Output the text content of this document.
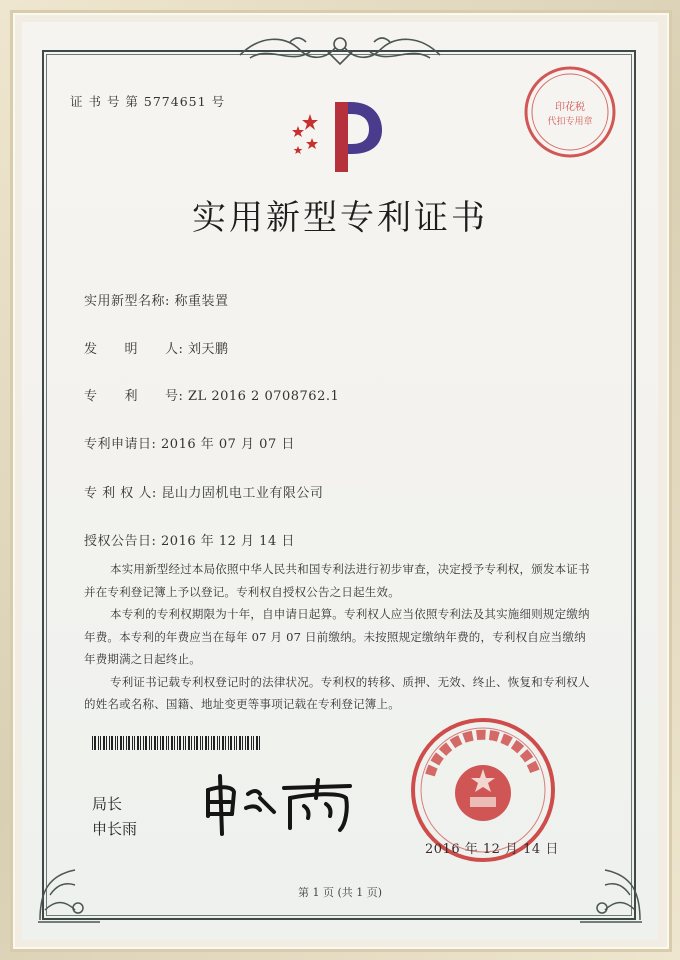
证 书 号 第 5774651 号	印花税
代扣专用章
实用新型专利证书
实用新型名称: 称重装置
发　　明　　人: 刘天鹏
专　　利　　号: ZL 2016 2 0708762.1
专利申请日: 2016 年 07 月 07 日
专 利 权 人: 昆山力固机电工业有限公司
授权公告日: 2016 年 12 月 14 日

本实用新型经过本局依照中华人民共和国专利法进行初步审查，决定授予专利权，颁发本证书并在专利登记簿上予以登记。专利权自授权公告之日起生效。

本专利的专利权期限为十年，自申请日起算。专利权人应当依照专利法及其实施细则规定缴纳年费。本专利的年费应当在每年 07 月 07 日前缴纳。未按照规定缴纳年费的，专利权自应当缴纳年费期满之日起终止。

专利证书记载专利权登记时的法律状况。专利权的转移、质押、无效、终止、恢复和专利权人的姓名或名称、国籍、地址变更等事项记载在专利登记簿上。

局长
申长雨
2016 年 12 月 14 日
第 1 页 (共 1 页)
